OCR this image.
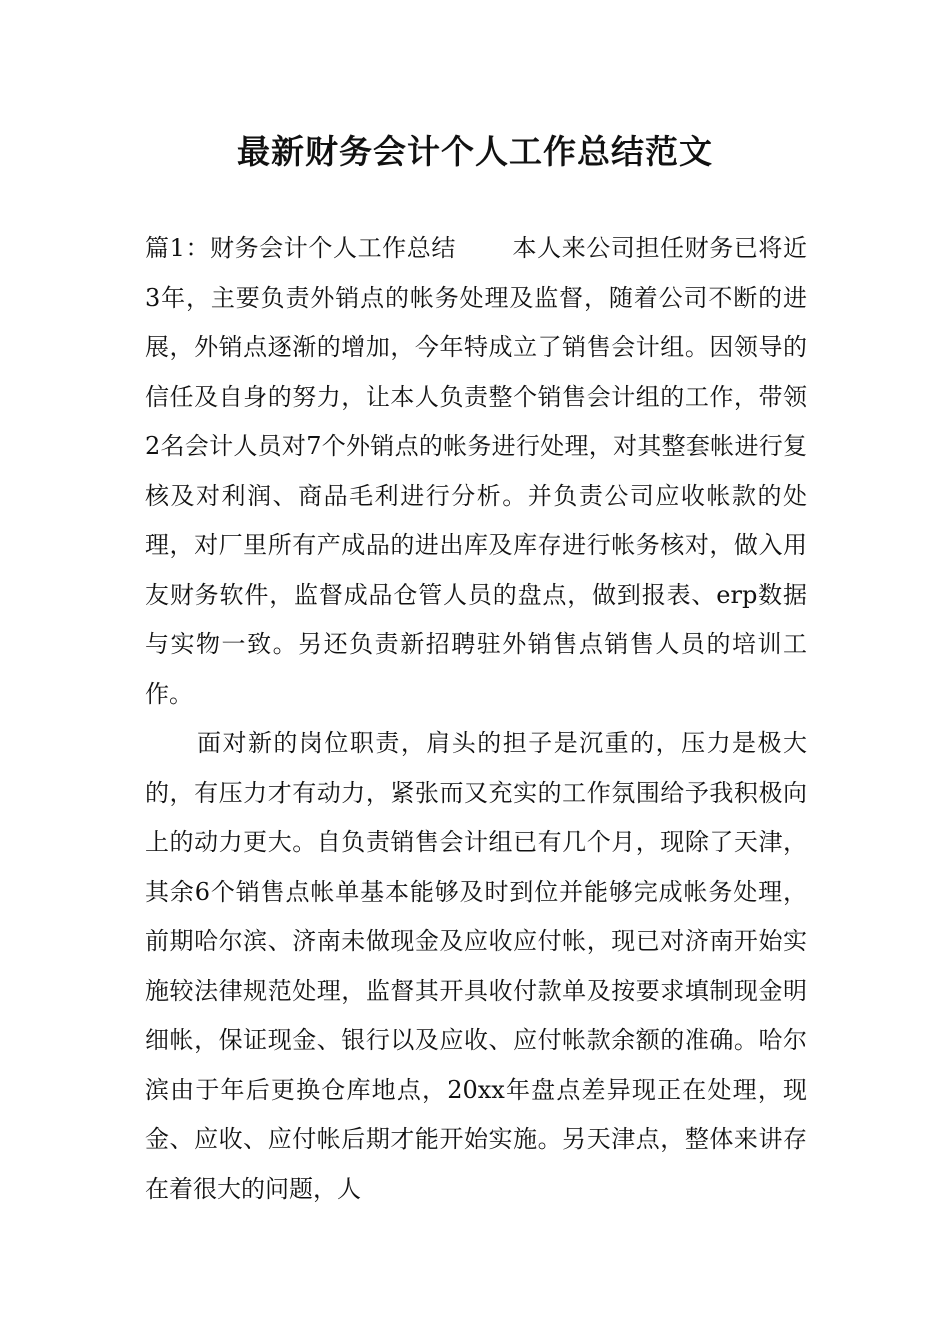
最新财务会计个人工作总结范文

篇1：财务会计个人工作总结 本人来公司担任财务已将近3年，主要负责外销点的帐务处理及监督，随着公司不断的进展，外销点逐渐的增加，今年特成立了销售会计组。因领导的信任及自身的努力，让本人负责整个销售会计组的工作，带领2名会计人员对7个外销点的帐务进行处理，对其整套帐进行复核及对利润、商品毛利进行分析。并负责公司应收帐款的处理，对厂里所有产成品的进出库及库存进行帐务核对，做入用友财务软件，监督成品仓管人员的盘点，做到报表、erp数据与实物一致。另还负责新招聘驻外销售点销售人员的培训工作。

面对新的岗位职责，肩头的担子是沉重的，压力是极大的，有压力才有动力，紧张而又充实的工作氛围给予我积极向上的动力更大。自负责销售会计组已有几个月，现除了天津，其余6个销售点帐单基本能够及时到位并能够完成帐务处理，前期哈尔滨、济南未做现金及应收应付帐，现已对济南开始实施较法律规范处理，监督其开具收付款单及按要求填制现金明细帐，保证现金、银行以及应收、应付帐款余额的准确。哈尔滨由于年后更换仓库地点，20xx年盘点差异现正在处理，现金、应收、应付帐后期才能开始实施。另天津点，整体来讲存在着很大的问题，人
